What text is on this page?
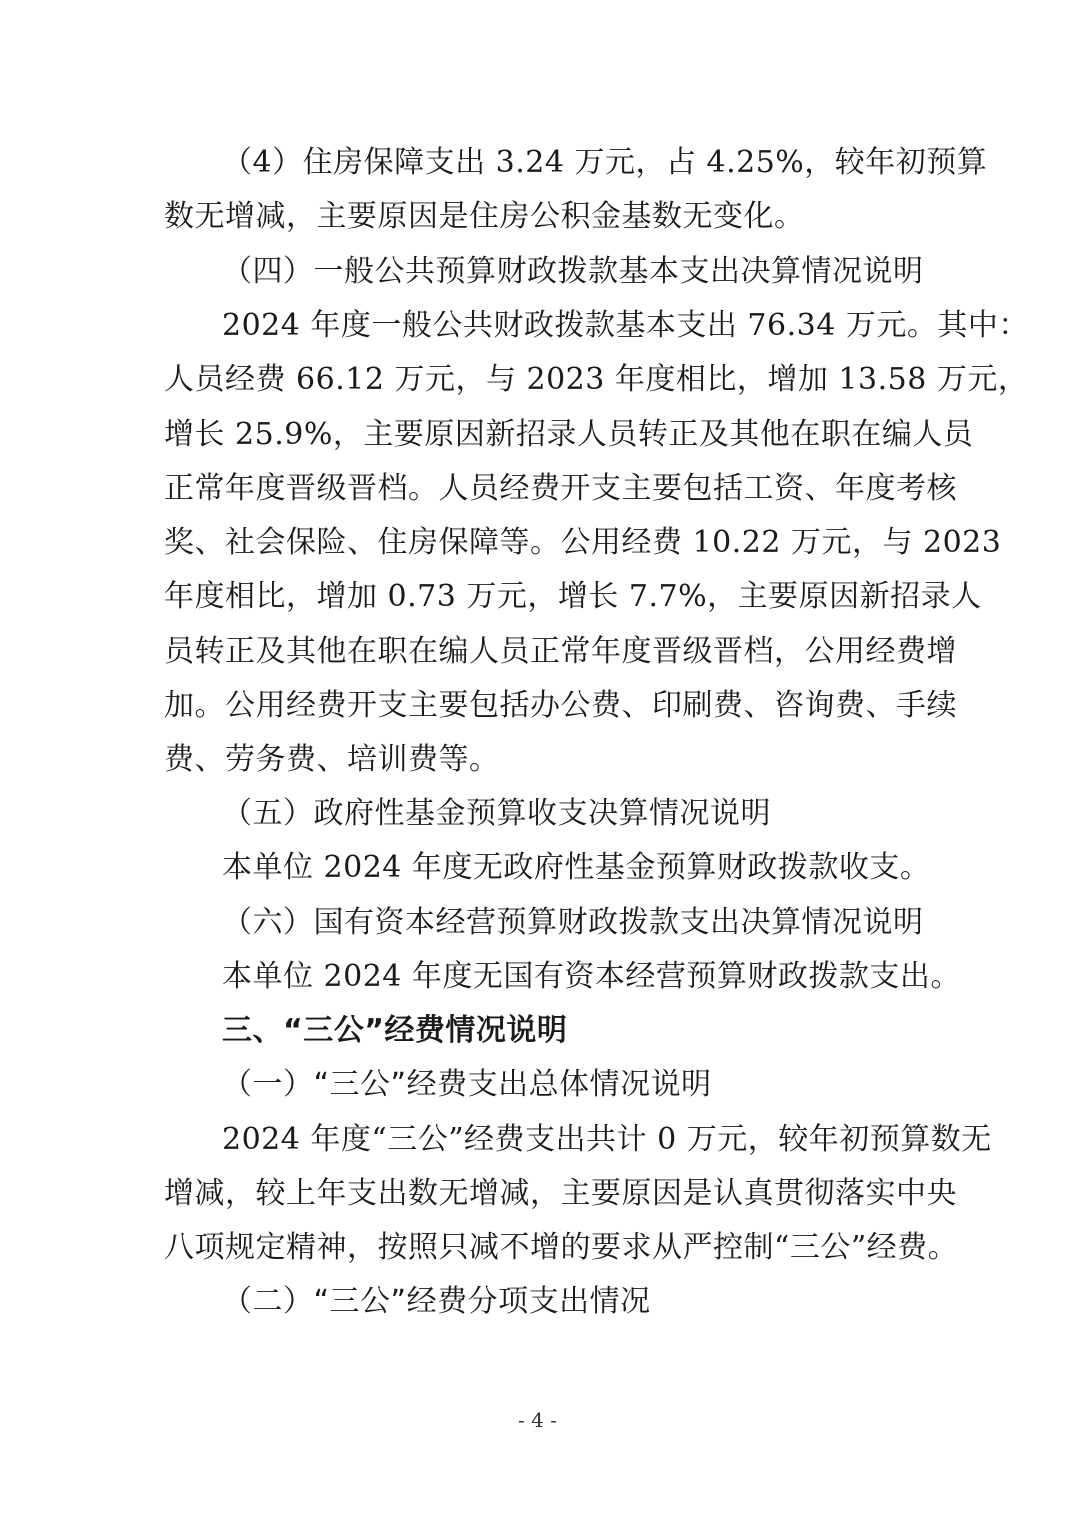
（4）住房保障支出 3.24 万元，占 4.25%，较年初预算
数无增减，主要原因是住房公积金基数无变化。
（四）一般公共预算财政拨款基本支出决算情况说明
2024 年度一般公共财政拨款基本支出 76.34 万元。其中：
人员经费 66.12 万元，与 2023 年度相比，增加 13.58 万元，
增长 25.9%，主要原因新招录人员转正及其他在职在编人员
正常年度晋级晋档。人员经费开支主要包括工资、年度考核
奖、社会保险、住房保障等。公用经费 10.22 万元，与 2023
年度相比，增加 0.73 万元，增长 7.7%，主要原因新招录人
员转正及其他在职在编人员正常年度晋级晋档，公用经费增
加。公用经费开支主要包括办公费、印刷费、咨询费、手续
费、劳务费、培训费等。
（五）政府性基金预算收支决算情况说明
本单位 2024 年度无政府性基金预算财政拨款收支。
（六）国有资本经营预算财政拨款支出决算情况说明
本单位 2024 年度无国有资本经营预算财政拨款支出。
三、“三公”经费情况说明
（一）“三公”经费支出总体情况说明
2024 年度“三公”经费支出共计 0 万元，较年初预算数无
增减，较上年支出数无增减，主要原因是认真贯彻落实中央
八项规定精神，按照只减不增的要求从严控制“三公”经费。
（二）“三公”经费分项支出情况
- 4 -
